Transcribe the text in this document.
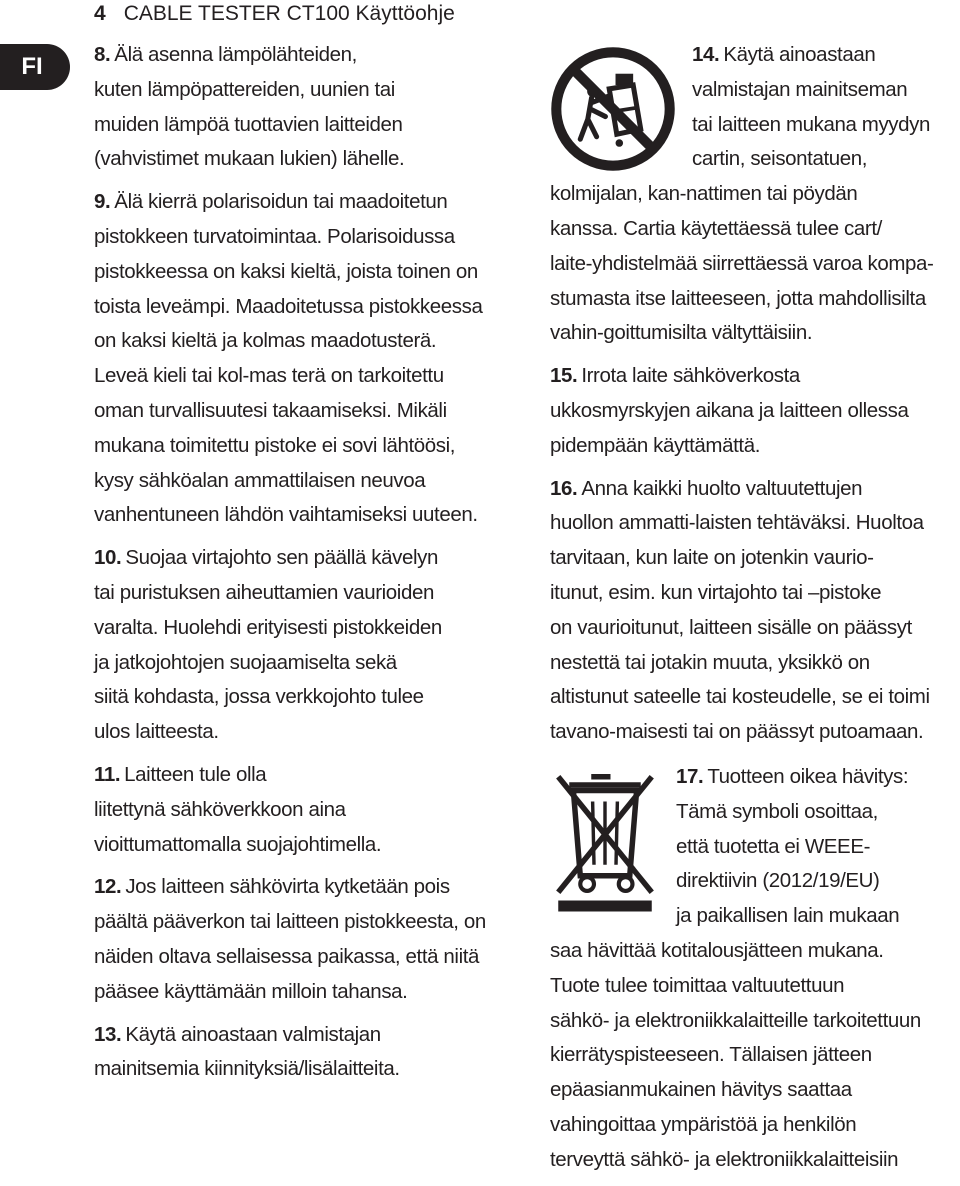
4 CABLE TESTER CT100 Käyttöohje
FI	8. Älä asenna lämpölähteiden,
kuten lämpöpattereiden, uunien tai
muiden lämpöä tuottavien laitteiden
(vahvistimet mukaan lukien) lähelle.
9. Älä kierrä polarisoidun tai maadoitetun
pistokkeen turvatoimintaa. Polarisoidussa
pistokkeessa on kaksi kieltä, joista toinen on
toista leveämpi. Maadoitetussa pistokkeessa
on kaksi kieltä ja kolmas maadotusterä.
Leveä kieli tai kol-mas terä on tarkoitettu
oman turvallisuutesi takaamiseksi. Mikäli
mukana toimitettu pistoke ei sovi lähtöösi,
kysy sähköalan ammattilaisen neuvoa
vanhentuneen lähdön vaihtamiseksi uuteen.
10. Suojaa virtajohto sen päällä kävelyn
tai puristuksen aiheuttamien vaurioiden
varalta. Huolehdi erityisesti pistokkeiden
ja jatkojohtojen suojaamiselta sekä
siitä kohdasta, jossa verkkojohto tulee
ulos laitteesta.
11. Laitteen tule olla
liitettynä sähköverkkoon aina
vioittumattomalla suojajohtimella.
12. Jos laitteen sähkövirta kytketään pois
päältä pääverkon tai laitteen pistokkeesta, on
näiden oltava sellaisessa paikassa, että niitä
pääsee käyttämään milloin tahansa.
13. Käytä ainoastaan valmistajan
mainitsemia kiinnityksiä/lisälaitteita.
14. Käytä ainoastaan
valmistajan mainitseman
tai laitteen mukana myydyn
cartin, seisontatuen,
kolmijalan, kan-nattimen tai pöydän
kanssa. Cartia käytettäessä tulee cart/
laite-yhdistelmää siirrettäessä varoa kompa-
stumasta itse laitteeseen, jotta mahdollisilta
vahin-goittumisilta vältyttäisiin.
15. Irrota laite sähköverkosta
ukkosmyrskyjen aikana ja laitteen ollessa
pidempään käyttämättä.
16. Anna kaikki huolto valtuutettujen
huollon ammatti-laisten tehtäväksi. Huoltoa
tarvitaan, kun laite on jotenkin vaurio-
itunut, esim. kun virtajohto tai –pistoke
on vaurioitunut, laitteen sisälle on päässyt
nestettä tai jotakin muuta, yksikkö on
altistunut sateelle tai kosteudelle, se ei toimi
tavano-maisesti tai on päässyt putoamaan.
17. Tuotteen oikea hävitys:
Tämä symboli osoittaa,
että tuotetta ei WEEE-
direktiivin (2012/19/EU)
ja paikallisen lain mukaan
saa hävittää kotitalousjätteen mukana.
Tuote tulee toimittaa valtuutettuun
sähkö- ja elektroniikkalaitteille tarkoitettuun
kierrätyspisteeseen. Tällaisen jätteen
epäasianmukainen hävitys saattaa
vahingoittaa ympäristöä ja henkilön
terveyttä sähkö- ja elektroniikkalaitteisiin
